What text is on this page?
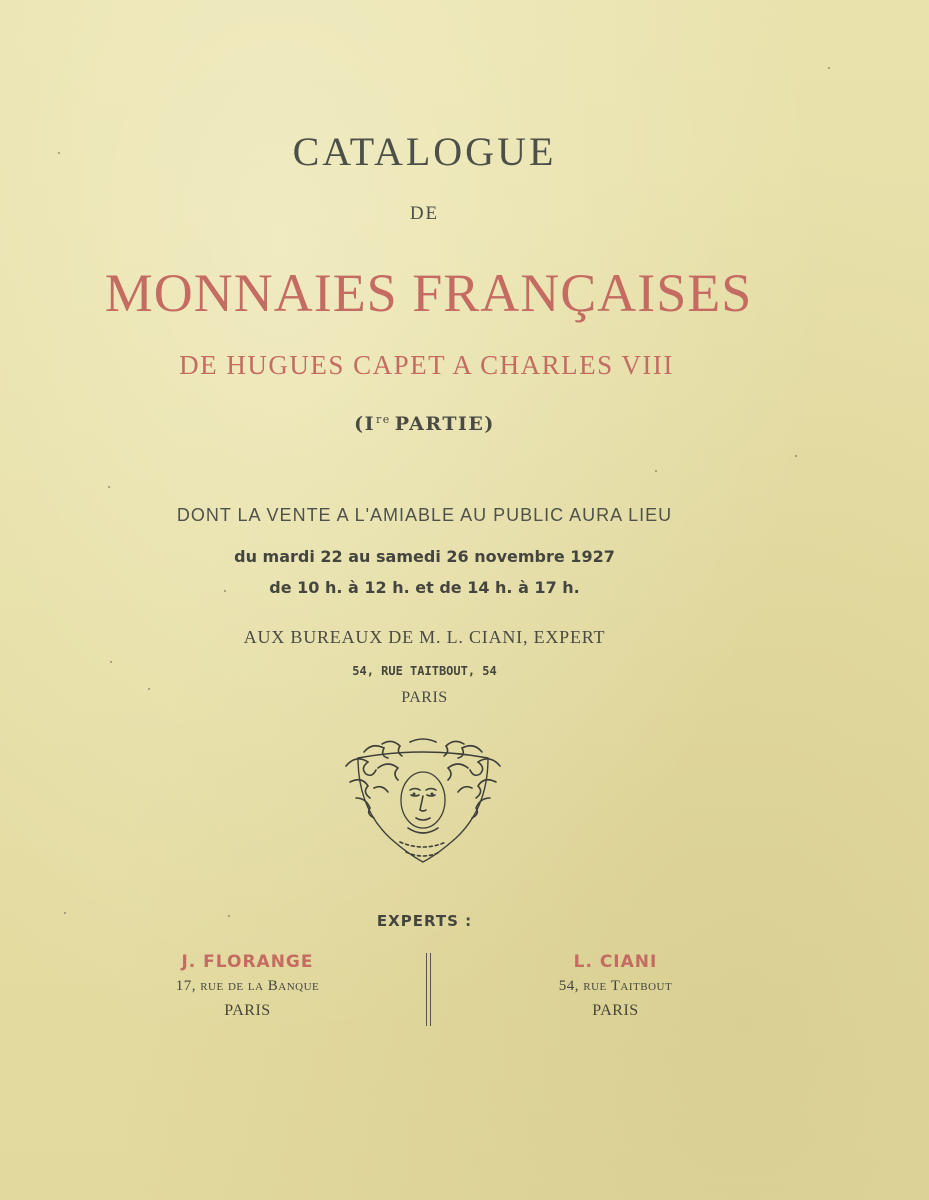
CATALOGUE
DE
MONNAIES FRANÇAISES
DE HUGUES CAPET A CHARLES VIII
(Ire PARTIE)
DONT LA VENTE A L'AMIABLE AU PUBLIC AURA LIEU
du mardi 22 au samedi 26 novembre 1927
de 10 h. à 12 h. et de 14 h. à 17 h.
AUX BUREAUX DE M. L. CIANI, EXPERT
54, RUE TAITBOUT, 54
PARIS
EXPERTS :
J. FLORANGE
17, rue de la Banque
PARIS
L. CIANI
54, rue Taitbout
PARIS
